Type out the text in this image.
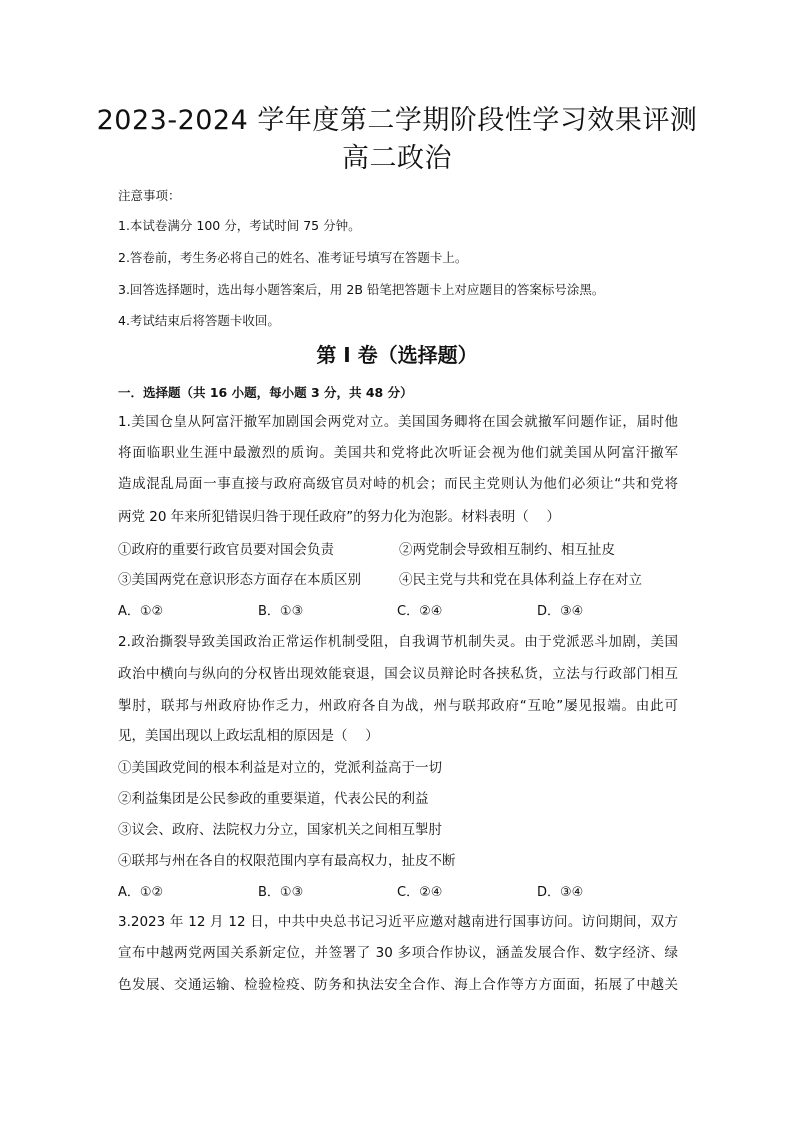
2023-2024 学年度第二学期阶段性学习效果评测
高二政治
注意事项：
1.本试卷满分 100 分，考试时间 75 分钟。
2.答卷前，考生务必将自己的姓名、准考证号填写在答题卡上。
3.回答选择题时，选出每小题答案后，用 2B 铅笔把答题卡上对应题目的答案标号涂黑。
4.考试结束后将答题卡收回。
第 I 卷（选择题）
一．选择题（共 16 小题，每小题 3 分，共 48 分）
1.美国仓皇从阿富汗撤军加剧国会两党对立。美国国务卿将在国会就撤军问题作证，届时他
将面临职业生涯中最激烈的质询。美国共和党将此次听证会视为他们就美国从阿富汗撤军
造成混乱局面一事直接与政府高级官员对峙的机会；而民主党则认为他们必须让“共和党将
两党 20 年来所犯错误归咎于现任政府”的努力化为泡影。材料表明（　 ）
①政府的重要行政官员要对国会负责	②两党制会导致相互制约、相互扯皮
③美国两党在意识形态方面存在本质区别	④民主党与共和党在具体利益上存在对立
A．①②	B．①③	C．②④	D．③④
2.政治撕裂导致美国政治正常运作机制受阻，自我调节机制失灵。由于党派恶斗加剧，美国
政治中横向与纵向的分权皆出现效能衰退，国会议员辩论时各挟私货，立法与行政部门相互
掣肘，联邦与州政府协作乏力，州政府各自为战，州与联邦政府“互呛”屡见报端。由此可
见，美国出现以上政坛乱相的原因是（　 ）
①美国政党间的根本利益是对立的，党派利益高于一切
②利益集团是公民参政的重要渠道，代表公民的利益
③议会、政府、法院权力分立，国家机关之间相互掣肘
④联邦与州在各自的权限范围内享有最高权力，扯皮不断
A．①②	B．①③	C．②④	D．③④
3.2023 年 12 月 12 日，中共中央总书记习近平应邀对越南进行国事访问。访问期间，双方
宣布中越两党两国关系新定位，并签署了 30 多项合作协议，涵盖发展合作、数字经济、绿
色发展、交通运输、检验检疫、防务和执法安全合作、海上合作等方方面面，拓展了中越关
